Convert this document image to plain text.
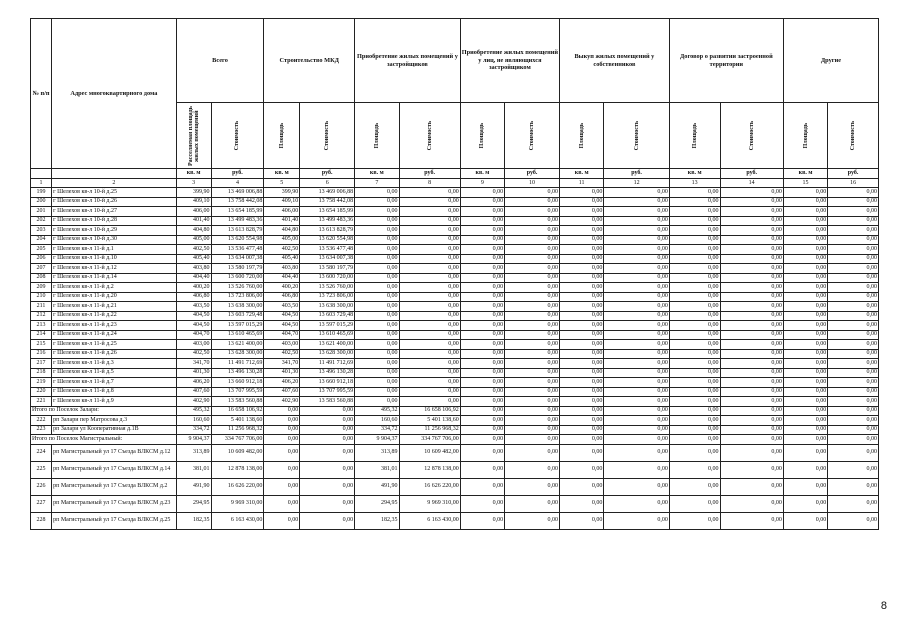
№ п/п	Адрес многоквартирного дома	Всего		Строительство МКД		Приобретение жилых помещений у застройщиков		Приобретение жилых помещений у лиц, не являющихся застройщиком		Выкуп жилых помещений у собственников		Договор о развитии застроенной территории		Другие	

		Расселяемая площадь жилых помещений	Стоимость	Площадь	Стоимость	Площадь	Стоимость	Площадь	Стоимость	Площадь	Стоимость	Площадь	Стоимость	Площадь	Стоимость

		кв. м	руб.	кв. м	руб.	кв. м	руб.	кв. м	руб.	кв. м	руб.	кв. м	руб.	кв. м	руб.
1	2	3	4	5	6	7	8	9	10	11	12	13	14	15	16
199	г Шелехов кв-л 10-й д.25	399,90	13 469 006,88	399,90	13 469 006,88	0,00	0,00	0,00	0,00	0,00	0,00	0,00	0,00	0,00	0,00
200	г Шелехов кв-л 10-й д.26	409,10	13 758 442,08	409,10	13 758 442,08	0,00	0,00	0,00	0,00	0,00	0,00	0,00	0,00	0,00	0,00
201	г Шелехов кв-л 10-й д.27	406,00	13 654 185,99	406,00	13 654 185,99	0,00	0,00	0,00	0,00	0,00	0,00	0,00	0,00	0,00	0,00
202	г Шелехов кв-л 10-й д.28	401,40	13 499 483,36	401,40	13 499 483,36	0,00	0,00	0,00	0,00	0,00	0,00	0,00	0,00	0,00	0,00
203	г Шелехов кв-л 10-й д.29	404,80	13 613 828,79	404,80	13 613 828,79	0,00	0,00	0,00	0,00	0,00	0,00	0,00	0,00	0,00	0,00
204	г Шелехов кв-л 10-й д.30	405,00	13 620 554,98	405,00	13 620 554,98	0,00	0,00	0,00	0,00	0,00	0,00	0,00	0,00	0,00	0,00
205	г Шелехов кв-л 11-й д.1	402,50	13 536 477,48	402,50	13 536 477,48	0,00	0,00	0,00	0,00	0,00	0,00	0,00	0,00	0,00	0,00
206	г Шелехов кв-л 11-й д.10	405,40	13 634 007,38	405,40	13 634 007,38	0,00	0,00	0,00	0,00	0,00	0,00	0,00	0,00	0,00	0,00
207	г Шелехов кв-л 11-й д.12	403,80	13 580 197,79	403,80	13 580 197,79	0,00	0,00	0,00	0,00	0,00	0,00	0,00	0,00	0,00	0,00
208	г Шелехов кв-л 11-й д.14	404,40	13 600 720,00	404,40	13 600 720,00	0,00	0,00	0,00	0,00	0,00	0,00	0,00	0,00	0,00	0,00
209	г Шелехов кв-л 11-й д.2	400,20	13 526 760,00	400,20	13 526 760,00	0,00	0,00	0,00	0,00	0,00	0,00	0,00	0,00	0,00	0,00
210	г Шелехов кв-л 11-й д.20	406,80	13 723 806,00	406,80	13 723 806,00	0,00	0,00	0,00	0,00	0,00	0,00	0,00	0,00	0,00	0,00
211	г Шелехов кв-л 11-й д.21	403,50	13 638 300,00	403,50	13 638 300,00	0,00	0,00	0,00	0,00	0,00	0,00	0,00	0,00	0,00	0,00
212	г Шелехов кв-л 11-й д.22	404,50	13 603 729,48	404,50	13 603 729,48	0,00	0,00	0,00	0,00	0,00	0,00	0,00	0,00	0,00	0,00
213	г Шелехов кв-л 11-й д.23	404,50	13 597 015,29	404,50	13 597 015,29	0,00	0,00	0,00	0,00	0,00	0,00	0,00	0,00	0,00	0,00
214	г Шелехов кв-л 11-й д.24	404,70	13 610 465,69	404,70	13 610 465,69	0,00	0,00	0,00	0,00	0,00	0,00	0,00	0,00	0,00	0,00
215	г Шелехов кв-л 11-й д.25	403,00	13 621 400,00	403,00	13 621 400,00	0,00	0,00	0,00	0,00	0,00	0,00	0,00	0,00	0,00	0,00
216	г Шелехов кв-л 11-й д.26	402,50	13 628 300,00	402,50	13 628 300,00	0,00	0,00	0,00	0,00	0,00	0,00	0,00	0,00	0,00	0,00
217	г Шелехов кв-л 11-й д.3	341,70	11 491 712,69	341,70	11 491 712,69	0,00	0,00	0,00	0,00	0,00	0,00	0,00	0,00	0,00	0,00
218	г Шелехов кв-л 11-й д.5	401,30	13 496 130,28	401,30	13 496 130,28	0,00	0,00	0,00	0,00	0,00	0,00	0,00	0,00	0,00	0,00
219	г Шелехов кв-л 11-й д.7	406,20	13 660 912,18	406,20	13 660 912,18	0,00	0,00	0,00	0,00	0,00	0,00	0,00	0,00	0,00	0,00
220	г Шелехов кв-л 11-й д.8	407,60	13 707 995,59	407,60	13 707 995,59	0,00	0,00	0,00	0,00	0,00	0,00	0,00	0,00	0,00	0,00
221	г Шелехов кв-л 11-й д.9	402,90	13 583 560,88	402,90	13 583 560,88	0,00	0,00	0,00	0,00	0,00	0,00	0,00	0,00	0,00	0,00
Итого по Поселок Залари:		495,32	16 658 106,92	0,00	0,00	495,32	16 658 106,92	0,00	0,00	0,00	0,00	0,00	0,00	0,00	0,00
222	рп Залари пер Матросова д.3	160,60	5 401 138,60	0,00	0,00	160,60	5 401 138,60	0,00	0,00	0,00	0,00	0,00	0,00	0,00	0,00
223	рп Залари ул Кооперативная д.1В	334,72	11 256 968,32	0,00	0,00	334,72	11 256 968,32	0,00	0,00	0,00	0,00	0,00	0,00	0,00	0,00
Итого по Поселок Магистральный:		9 904,37	334 767 706,00	0,00	0,00	9 904,37	334 767 706,00	0,00	0,00	0,00	0,00	0,00	0,00	0,00	0,00
224	рп Магистральный ул 17 Съезда ВЛКСМ д.12	313,89	10 609 482,00	0,00	0,00	313,89	10 609 482,00	0,00	0,00	0,00	0,00	0,00	0,00	0,00	0,00
225	рп Магистральный ул 17 Съезда ВЛКСМ д.14	381,01	12 878 138,00	0,00	0,00	381,01	12 878 138,00	0,00	0,00	0,00	0,00	0,00	0,00	0,00	0,00
226	рп Магистральный ул 17 Съезда ВЛКСМ д.2	491,90	16 626 220,00	0,00	0,00	491,90	16 626 220,00	0,00	0,00	0,00	0,00	0,00	0,00	0,00	0,00
227	рп Магистральный ул 17 Съезда ВЛКСМ д.23	294,95	9 969 310,00	0,00	0,00	294,95	9 969 310,00	0,00	0,00	0,00	0,00	0,00	0,00	0,00	0,00
228	рп Магистральный ул 17 Съезда ВЛКСМ д.25	182,35	6 163 430,00	0,00	0,00	182,35	6 163 430,00	0,00	0,00	0,00	0,00	0,00	0,00	0,00	0,00
8
